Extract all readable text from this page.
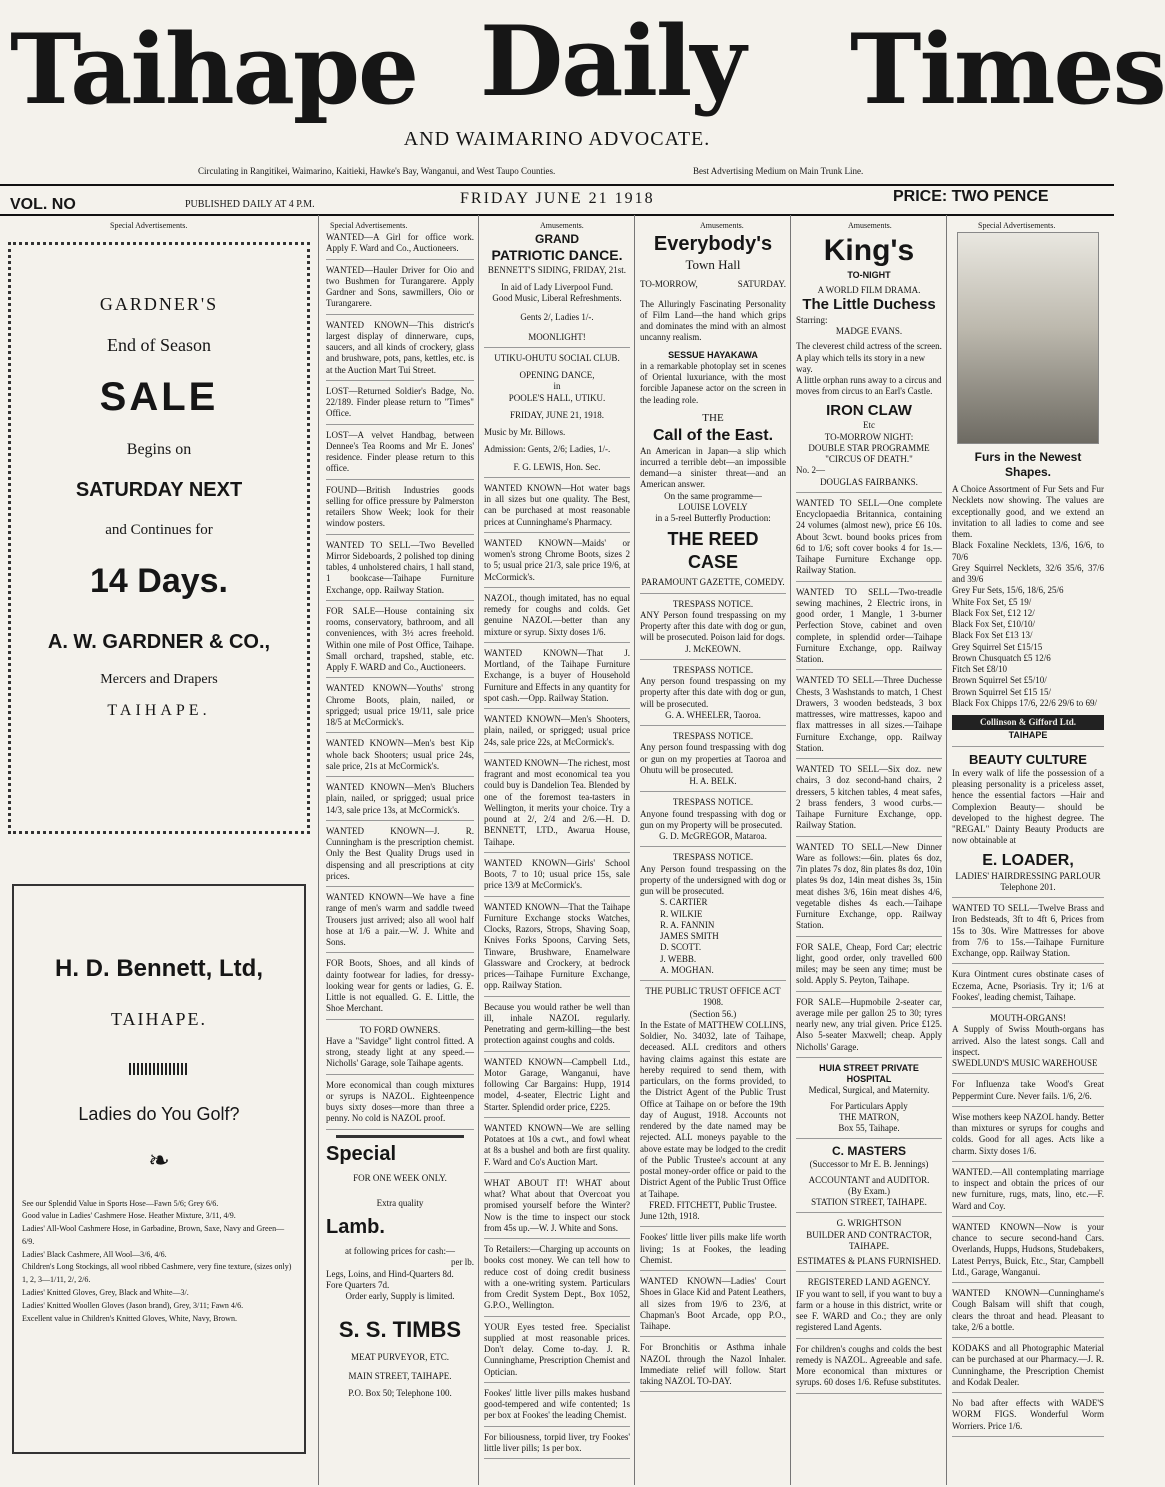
Taihape Daily Times
AND WAIMARINO ADVOCATE.
Circulating in Rangitikei, Waimarino, Kaitieki, Hawke's Bay, Wanganui, and West Taupo Counties.	Best Advertising Medium on Main Trunk Line.
VOL. NO	PUBLISHED DAILY AT 4 P.M.	FRIDAY JUNE 21 1918	PRICE: TWO PENCE
Special Advertisements.	Special Advertisements.	Amusements.	Amusements.	Amusements.	Special Advertisements.
GARDNER'S
End of Season
SALE
Begins on
SATURDAY NEXT
and Continues for
14 Days.
A. W. GARDNER & CO.,
Mercers and Drapers
TAIHAPE.
H. D. Bennett, Ltd,
TAIHAPE.
Ladies do You Golf?
❧

See our Splendid Value in Sports Hose—Fawn 5/6; Grey 6/6.

Good value in Ladies' Cashmere Hose. Heather Mixture, 3/11, 4/9.

Ladies' All-Wool Cashmere Hose, in Garbadine, Brown, Saxe, Navy and Green—6/9.

Ladies' Black Cashmere, All Wool—3/6, 4/6.

Children's Long Stockings, all wool ribbed Cashmere, very fine texture, (sizes only) 1, 2, 3—1/11, 2/, 2/6.

Ladies' Knitted Gloves, Grey, Black and White—3/.

Ladies' Knitted Woollen Gloves (Jason brand), Grey, 3/11; Fawn 4/6.

Excellent value in Children's Knitted Gloves, White, Navy, Brown.

WANTED—A Girl for office work. Apply F. Ward and Co., Auctioneers.

WANTED—Hauler Driver for Oio and two Bushmen for Turangarere. Apply Gardner and Sons, sawmillers, Oio or Turangarere.

WANTED KNOWN—This district's largest display of dinnerware, cups, saucers, and all kinds of crockery, glass and brushware, pots, pans, kettles, etc. is at the Auction Mart Tui Street.

LOST—Returned Soldier's Badge, No. 22/189. Finder please return to "Times" Office.

LOST—A velvet Handbag, between Dennee's Tea Rooms and Mr E. Jones' residence. Finder please return to this office.

FOUND—British Industries goods selling for office pressure by Palmerston retailers Show Week; look for their window posters.

WANTED TO SELL—Two Bevelled Mirror Sideboards, 2 polished top dining tables, 4 unholstered chairs, 1 hall stand, 1 bookcase—Taihape Furniture Exchange, opp. Railway Station.

FOR SALE—House containing six rooms, conservatory, bathroom, and all conveniences, with 3½ acres freehold. Within one mile of Post Office, Taihape. Small orchard, trapshed, stable, etc. Apply F. WARD and Co., Auctioneers.

WANTED KNOWN—Youths' strong Chrome Boots, plain, nailed, or sprigged; usual price 19/11, sale price 18/5 at McCormick's.

WANTED KNOWN—Men's best Kip whole back Shooters; usual price 24s, sale price, 21s at McCormick's.

WANTED KNOWN—Men's Bluchers plain, nailed, or sprigged; usual price 14/3, sale price 13s, at McCormick's.

WANTED KNOWN—J. R. Cunningham is the prescription chemist. Only the Best Quality Drugs used in dispensing and all prescriptions at city prices.

WANTED KNOWN—We have a fine range of men's warm and saddle tweed Trousers just arrived; also all wool half hose at 1/6 a pair.—W. J. White and Sons.

FOR Boots, Shoes, and all kinds of dainty footwear for ladies, for dressy-looking wear for gents or ladies, G. E. Little is not equalled. G. E. Little, the Shoe Merchant.

TO FORD OWNERS.
Have a "Savidge" light control fitted. A strong, steady light at any speed.—Nicholls' Garage, sole Taihape agents.

More economical than cough mixtures or syrups is NAZOL. Eighteenpence buys sixty doses—more than three a penny. No cold is NAZOL proof.

Special
FOR ONE WEEK ONLY.
Extra quality
Lamb.
at following prices for cash:—
per lb.
Legs, Loins, and Hind-Quarters 8d.
Fore Quarters 7d.
Order early, Supply is limited.
S. S. TIMBS
MEAT PURVEYOR, ETC.
MAIN STREET, TAIHAPE.
P.O. Box 50; Telephone 100.
GRAND
PATRIOTIC DANCE.
BENNETT'S SIDING, FRIDAY, 21st.
In aid of Lady Liverpool Fund.
Good Music, Liberal Refreshments.
Gents 2/, Ladies 1/-.
MOONLIGHT!
UTIKU-OHUTU SOCIAL CLUB.
OPENING DANCE,
in
POOLE'S HALL, UTIKU.
FRIDAY, JUNE 21, 1918.
Music by Mr. Billows.
Admission: Gents, 2/6; Ladies, 1/-.
F. G. LEWIS, Hon. Sec.

WANTED KNOWN—Hot water bags in all sizes but one quality. The Best, can be purchased at most reasonable prices at Cunninghame's Pharmacy.

WANTED KNOWN—Maids' or women's strong Chrome Boots, sizes 2 to 5; usual price 21/3, sale price 19/6, at McCormick's.

NAZOL, though imitated, has no equal remedy for coughs and colds. Get genuine NAZOL—better than any mixture or syrup. Sixty doses 1/6.

WANTED KNOWN—That J. Mortland, of the Taihape Furniture Exchange, is a buyer of Household Furniture and Effects in any quantity for spot cash.—Opp. Railway Station.

WANTED KNOWN—Men's Shooters, plain, nailed, or sprigged; usual price 24s, sale price 22s, at McCormick's.

WANTED KNOWN—The richest, most fragrant and most economical tea you could buy is Dandelion Tea. Blended by one of the foremost tea-tasters in Wellington, it merits your choice. Try a pound at 2/, 2/4 and 2/6.—H. D. BENNETT, LTD., Awarua House, Taihape.

WANTED KNOWN—Girls' School Boots, 7 to 10; usual price 15s, sale price 13/9 at McCormick's.

WANTED KNOWN—That the Taihape Furniture Exchange stocks Watches, Clocks, Razors, Strops, Shaving Soap, Knives Forks Spoons, Carving Sets, Tinware, Brushware, Enamelware Glassware and Crockery, at bedrock prices—Taihape Furniture Exchange, opp. Railway Station.

Because you would rather be well than ill, inhale NAZOL regularly. Penetrating and germ-killing—the best protection against coughs and colds.

WANTED KNOWN—Campbell Ltd., Motor Garage, Wanganui, have following Car Bargains: Hupp, 1914 model, 4-seater, Electric Light and Starter. Splendid order price, £225.

WANTED KNOWN—We are selling Potatoes at 10s a cwt., and fowl wheat at 8s a bushel and both are first quality. F. Ward and Co's Auction Mart.

WHAT ABOUT IT! WHAT about what? What about that Overcoat you promised yourself before the Winter? Now is the time to inspect our stock from 45s up.—W. J. White and Sons.

To Retailers:—Charging up accounts on books cost money. We can tell how to reduce cost of doing credit business with a one-writing system. Particulars from Credit System Dept., Box 1052, G.P.O., Wellington.

YOUR Eyes tested free. Specialist supplied at most reasonable prices. Don't delay. Come to-day. J. R. Cunninghame, Prescription Chemist and Optician.

Fookes' little liver pills makes husband good-tempered and wife contented; 1s per box at Fookes' the leading Chemist.

For biliousness, torpid liver, try Fookes' little liver pills; 1s per box.

Everybody's
Town Hall
TO-MORROW,	SATURDAY.
The Alluringly Fascinating Personality of Film Land—the hand which grips and dominates the mind with an almost uncanny realism.
SESSUE HAYAKAWA
in a remarkable photoplay set in scenes of Oriental luxuriance, with the most forcible Japanese actor on the screen in the leading role.
THE
Call of the East.
An American in Japan—a slip which incurred a terrible debt—an impossible demand—a sinister threat—and an American answer.
On the same programme—
LOUISE LOVELY
in a 5-reel Butterfly Production:
THE REED CASE
PARAMOUNT GAZETTE, COMEDY.
TRESPASS NOTICE.
ANY Person found trespassing on my Property after this date with dog or gun, will be prosecuted. Poison laid for dogs.
J. McKEOWN.
TRESPASS NOTICE.
Any person found trespassing on my property after this date with dog or gun, will be prosecuted.
G. A. WHEELER, Taoroa.
TRESPASS NOTICE.
Any person found trespassing with dog or gun on my properties at Taoroa and Ohutu will be prosecuted.
H. A. BELK.
TRESPASS NOTICE.
Anyone found trespassing with dog or gun on my Property will be prosecuted.
G. D. McGREGOR, Mataroa.
TRESPASS NOTICE.
Any Person found trespassing on the property of the undersigned with dog or gun will be prosecuted.
S. CARTIER
R. WILKIE
R. A. FANNIN
JAMES SMITH
D. SCOTT.
J. WEBB.
A. MOGHAN.
THE PUBLIC TRUST OFFICE ACT 1908.
(Section 56.)
In the Estate of MATTHEW COLLINS, Soldier, No. 34032, late of Taihape, deceased. ALL creditors and others having claims against this estate are hereby required to send them, with particulars, on the forms provided, to the District Agent of the Public Trust Office at Taihape on or before the 19th day of August, 1918. Accounts not rendered by the date named may be rejected. ALL moneys payable to the above estate may be lodged to the credit of the Public Trustee's account at any postal money-order office or paid to the District Agent of the Public Trust Office at Taihape.
FRED. FITCHETT, Public Trustee.
June 12th, 1918.

Fookes' little liver pills make life worth living; 1s at Fookes, the leading Chemist.

WANTED KNOWN—Ladies' Court Shoes in Glace Kid and Patent Leathers, all sizes from 19/6 to 23/6, at Chapman's Boot Arcade, opp P.O., Taihape.

For Bronchitis or Asthma inhale NAZOL through the Nazol Inhaler. Immediate relief will follow. Start taking NAZOL TO-DAY.

King's
TO-NIGHT
A WORLD FILM DRAMA.
The Little Duchess
Starring:
MADGE EVANS.
The cleverest child actress of the screen.
A play which tells its story in a new way.
A little orphan runs away to a circus and moves from circus to an Earl's Castle.
IRON CLAW
Etc
TO-MORROW NIGHT:
DOUBLE STAR PROGRAMME
"CIRCUS OF DEATH."
No. 2—
DOUGLAS FAIRBANKS.

WANTED TO SELL—One complete Encyclopaedia Britannica, containing 24 volumes (almost new), price £6 10s. About 3cwt. bound books prices from 6d to 1/6; soft cover books 4 for 1s.—Taihape Furniture Exchange opp. Railway Station.

WANTED TO SELL—Two-treadle sewing machines, 2 Electric irons, in good order, 1 Mangle, 1 3-burner Perfection Stove, cabinet and oven complete, in splendid order—Taihape Furniture Exchange, opp. Railway Station.

WANTED TO SELL—Three Duchesse Chests, 3 Washstands to match, 1 Chest Drawers, 3 wooden bedsteads, 3 box mattresses, wire mattresses, kapoo and flax mattresses in all sizes.—Taihape Furniture Exchange, opp. Railway Station.

WANTED TO SELL—Six doz. new chairs, 3 doz second-hand chairs, 2 dressers, 5 kitchen tables, 4 meat safes, 2 brass fenders, 3 wood curbs.—Taihape Furniture Exchange, opp. Railway Station.

WANTED TO SELL—New Dinner Ware as follows:—6in. plates 6s doz, 7in plates 7s doz, 8in plates 8s doz, 10in plates 9s doz, 14in meat dishes 3s, 15in meat dishes 3/6, 16in meat dishes 4/6, vegetable dishes 4s each.—Taihape Furniture Exchange, opp. Railway Station.

FOR SALE, Cheap, Ford Car; electric light, good order, only travelled 600 miles; may be seen any time; must be sold. Apply S. Peyton, Taihape.

FOR SALE—Hupmobile 2-seater car, average mile per gallon 25 to 30; tyres nearly new, any trial given. Price £125. Also 5-seater Maxwell; cheap. Apply Nicholls' Garage.

HUIA STREET PRIVATE HOSPITAL
Medical, Surgical, and Maternity.
For Particulars Apply
THE MATRON,
Box 55, Taihape.
C. MASTERS
(Successor to Mr E. B. Jennings)
ACCOUNTANT and AUDITOR.
(By Exam.)
STATION STREET, TAIHAPE.
G. WRIGHTSON
BUILDER AND CONTRACTOR, TAIHAPE.
ESTIMATES & PLANS FURNISHED.
REGISTERED LAND AGENCY.
IF you want to sell, if you want to buy a farm or a house in this district, write or see F. WARD and Co.; they are only registered Land Agents.

For children's coughs and colds the best remedy is NAZOL. Agreeable and safe. More economical than mixtures or syrups. 60 doses 1/6. Refuse substitutes.

Furs in the Newest Shapes.
A Choice Assortment of Fur Sets and Fur Necklets now showing. The values are exceptionally good, and we extend an invitation to all ladies to come and see them.
Black Foxaline Necklets, 13/6, 16/6, to 70/6
Grey Squirrel Necklets, 32/6 35/6, 37/6 and 39/6
Grey Fur Sets, 15/6, 18/6, 25/6
White Fox Set, £5 19/
Black Fox Set, £12 12/
Black Fox Set, £10/10/
Black Fox Set £13 13/
Grey Squirrel Set £15/15
Brown Chusquatch £5 12/6
Fitch Set £8/10
Brown Squirrel Set £5/10/
Brown Squirrel Set £15 15/
Black Fox Chipps 17/6, 22/6 29/6 to 69/
Collinson & Gifford Ltd.
TAIHAPE
BEAUTY CULTURE
In every walk of life the possession of a pleasing personality is a priceless asset, hence the essential factors —Hair and Complexion Beauty— should be developed to the highest degree. The "REGAL" Dainty Beauty Products are now obtainable at
E. LOADER,
LADIES' HAIRDRESSING PARLOUR
Telephone 201.

WANTED TO SELL—Twelve Brass and Iron Bedsteads, 3ft to 4ft 6, Prices from 15s to 30s. Wire Mattresses for above from 7/6 to 15s.—Taihape Furniture Exchange, opp. Railway Station.

Kura Ointment cures obstinate cases of Eczema, Acne, Psoriasis. Try it; 1/6 at Fookes', leading chemist, Taihape.

MOUTH-ORGANS!
A Supply of Swiss Mouth-organs has arrived. Also the latest songs. Call and inspect.
SWEDLUND'S MUSIC WAREHOUSE

For Influenza take Wood's Great Peppermint Cure. Never fails. 1/6, 2/6.

Wise mothers keep NAZOL handy. Better than mixtures or syrups for coughs and colds. Good for all ages. Acts like a charm. Sixty doses 1/6.

WANTED.—All contemplating marriage to inspect and obtain the prices of our new furniture, rugs, mats, lino, etc.—F. Ward and Coy.

WANTED KNOWN—Now is your chance to secure second-hand Cars. Overlands, Hupps, Hudsons, Studebakers, Latest Perrys, Buick, Etc., Star, Campbell Ltd., Garage, Wanganui.

WANTED KNOWN—Cunninghame's Cough Balsam will shift that cough, clears the throat and head. Pleasant to take, 2/6 a bottle.

KODAKS and all Photographic Material can be purchased at our Pharmacy.—J. R. Cunninghame, the Prescription Chemist and Kodak Dealer.

No bad after effects with WADE'S WORM FIGS. Wonderful Worm Worriers. Price 1/6.
